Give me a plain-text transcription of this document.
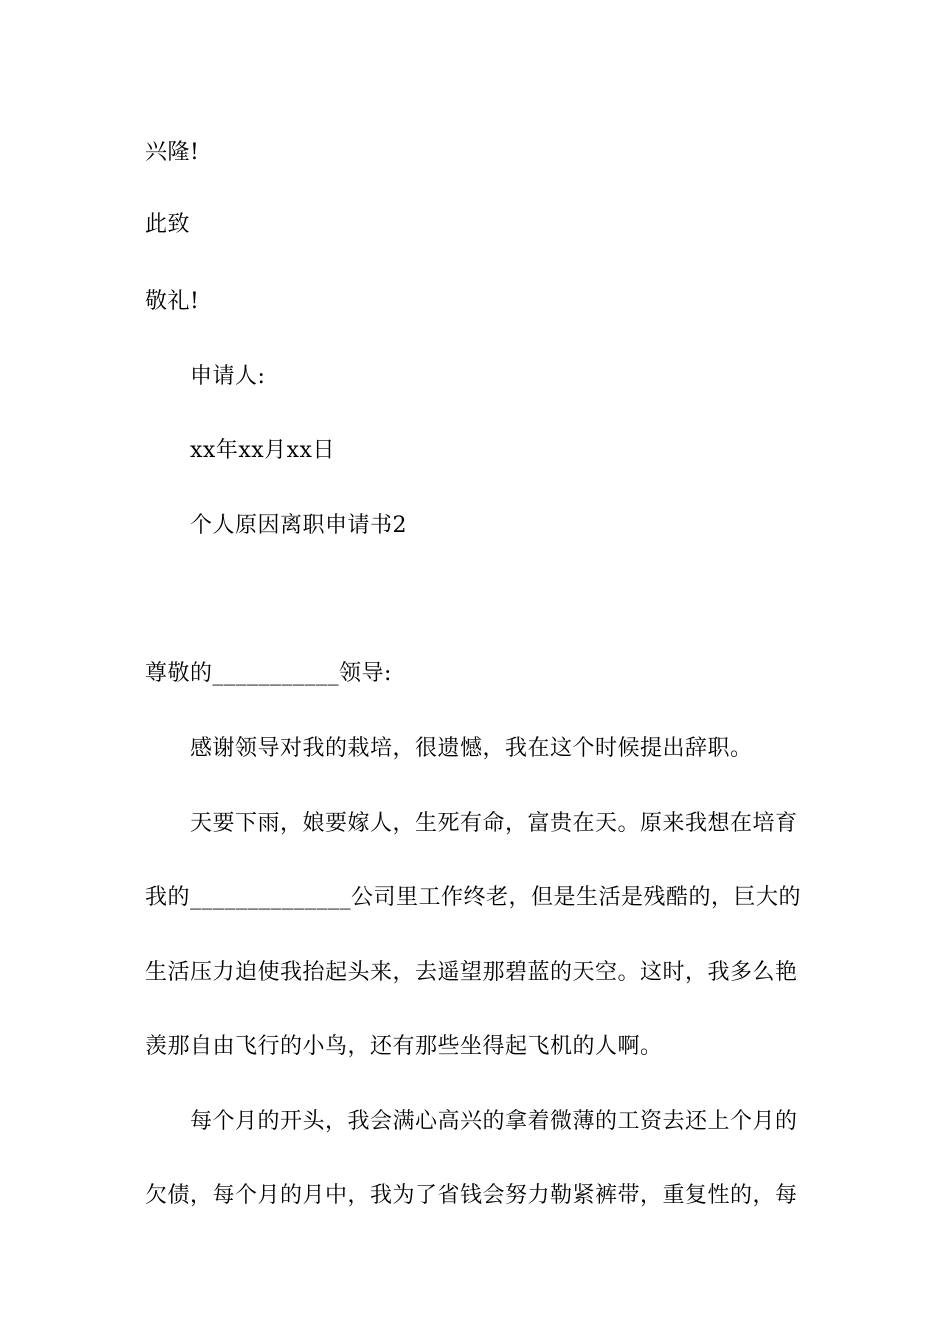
兴隆!
此致
敬礼!
申请人:
xx年xx月xx日
个人原因离职申请书2
尊敬的___________领导:
感谢领导对我的栽培，很遗憾，我在这个时候提出辞职。
天要下雨，娘要嫁人，生死有命，富贵在天。原来我想在培育
我的______________公司里工作终老，但是生活是残酷的，巨大的
生活压力迫使我抬起头来，去遥望那碧蓝的天空。这时，我多么艳
羡那自由飞行的小鸟，还有那些坐得起飞机的人啊。
每个月的开头，我会满心高兴的拿着微薄的工资去还上个月的
欠债，每个月的月中，我为了省钱会努力勒紧裤带，重复性的，每
